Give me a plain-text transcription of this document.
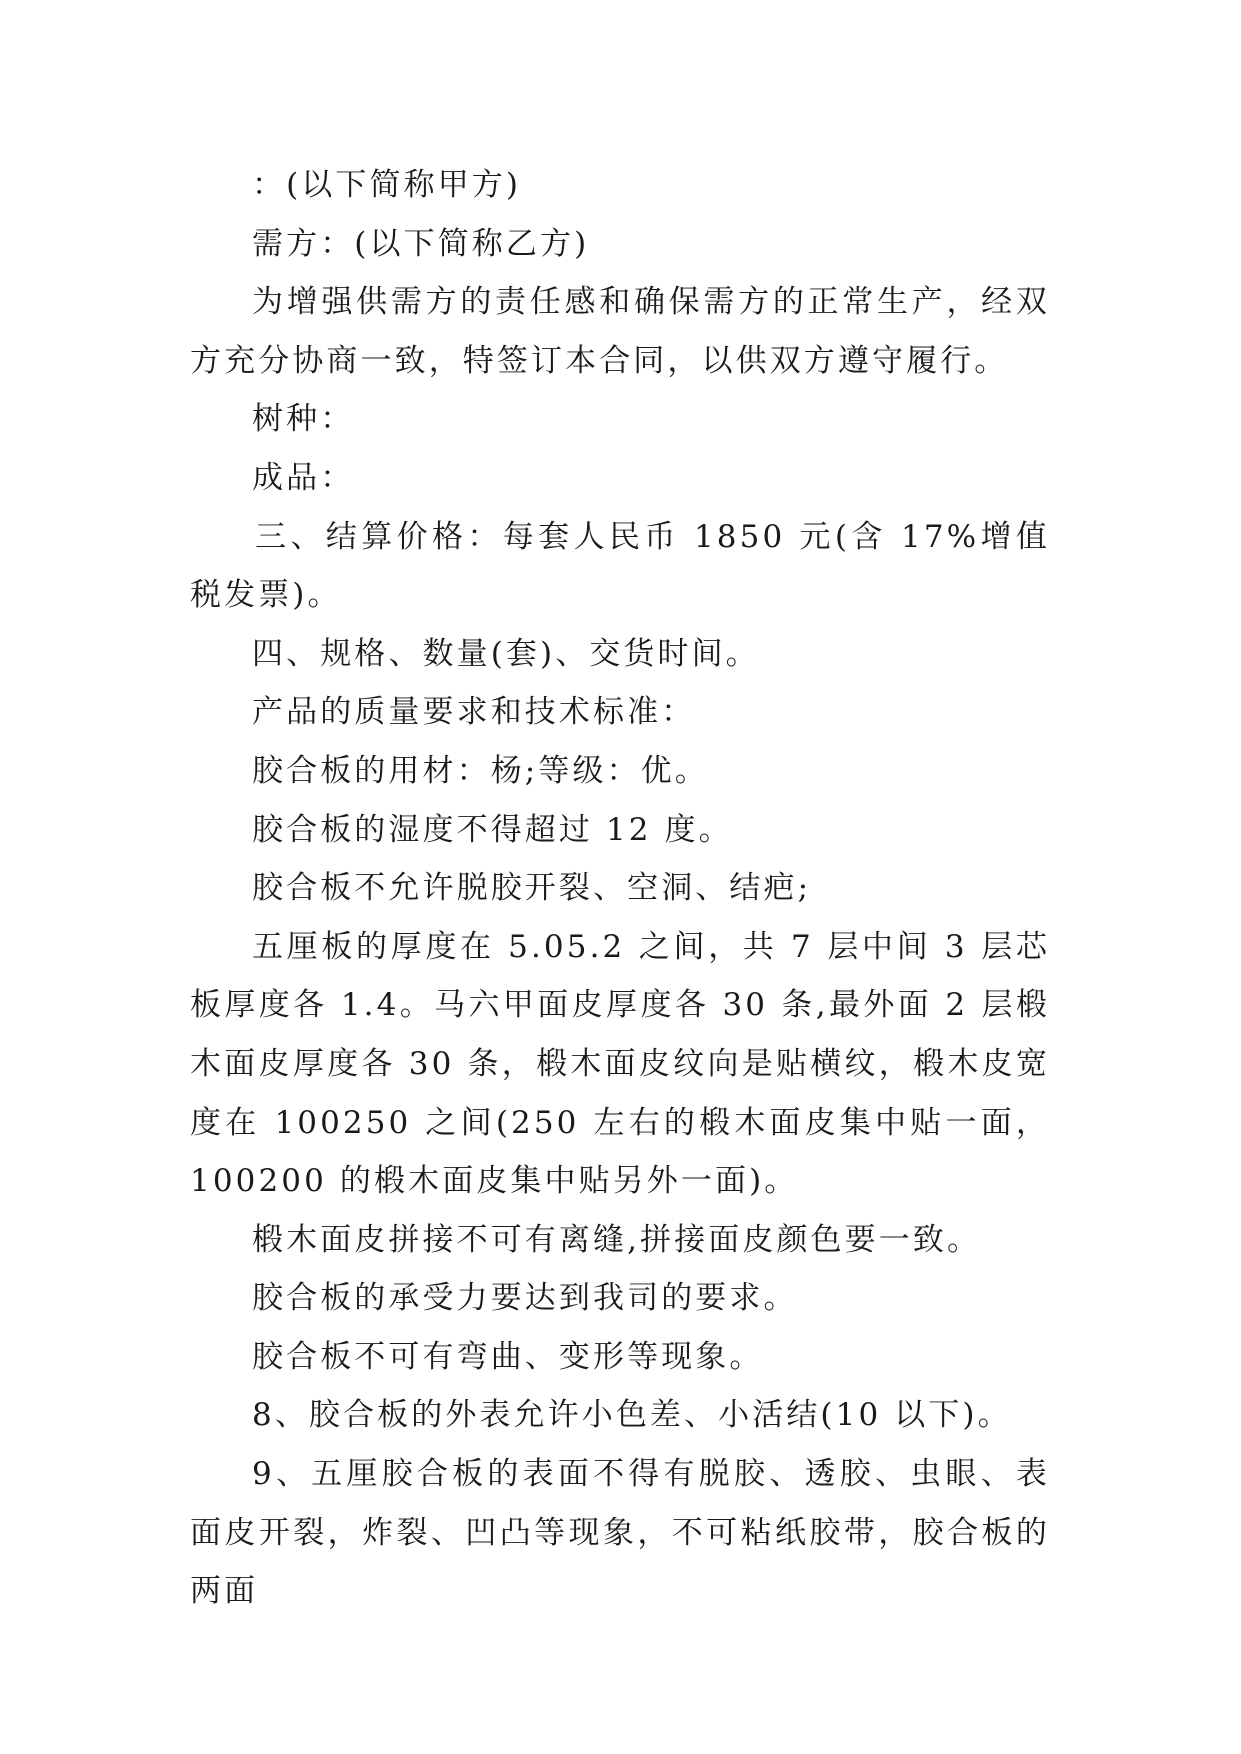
：(以下简称甲方)

需方：(以下简称乙方)

为增强供需方的责任感和确保需方的正常生产，经双方充分协商一致，特签订本合同，以供双方遵守履行。

树种：

成品：

三、结算价格：每套人民币 1850 元(含 17%增值税发票)。

四、规格、数量(套)、交货时间。

产品的质量要求和技术标准：

胶合板的用材：杨;等级：优。

胶合板的湿度不得超过 12 度。

胶合板不允许脱胶开裂、空洞、结疤;

五厘板的厚度在 5.05.2 之间，共 7 层中间 3 层芯板厚度各 1.4。马六甲面皮厚度各 30 条,最外面 2 层椴木面皮厚度各 30 条，椴木面皮纹向是贴横纹，椴木皮宽度在 100250 之间(250 左右的椴木面皮集中贴一面，100200 的椴木面皮集中贴另外一面)。

椴木面皮拼接不可有离缝,拼接面皮颜色要一致。

胶合板的承受力要达到我司的要求。

胶合板不可有弯曲、变形等现象。

8、胶合板的外表允许小色差、小活结(10 以下)。

9、五厘胶合板的表面不得有脱胶、透胶、虫眼、表面皮开裂，炸裂、凹凸等现象，不可粘纸胶带，胶合板的两面
